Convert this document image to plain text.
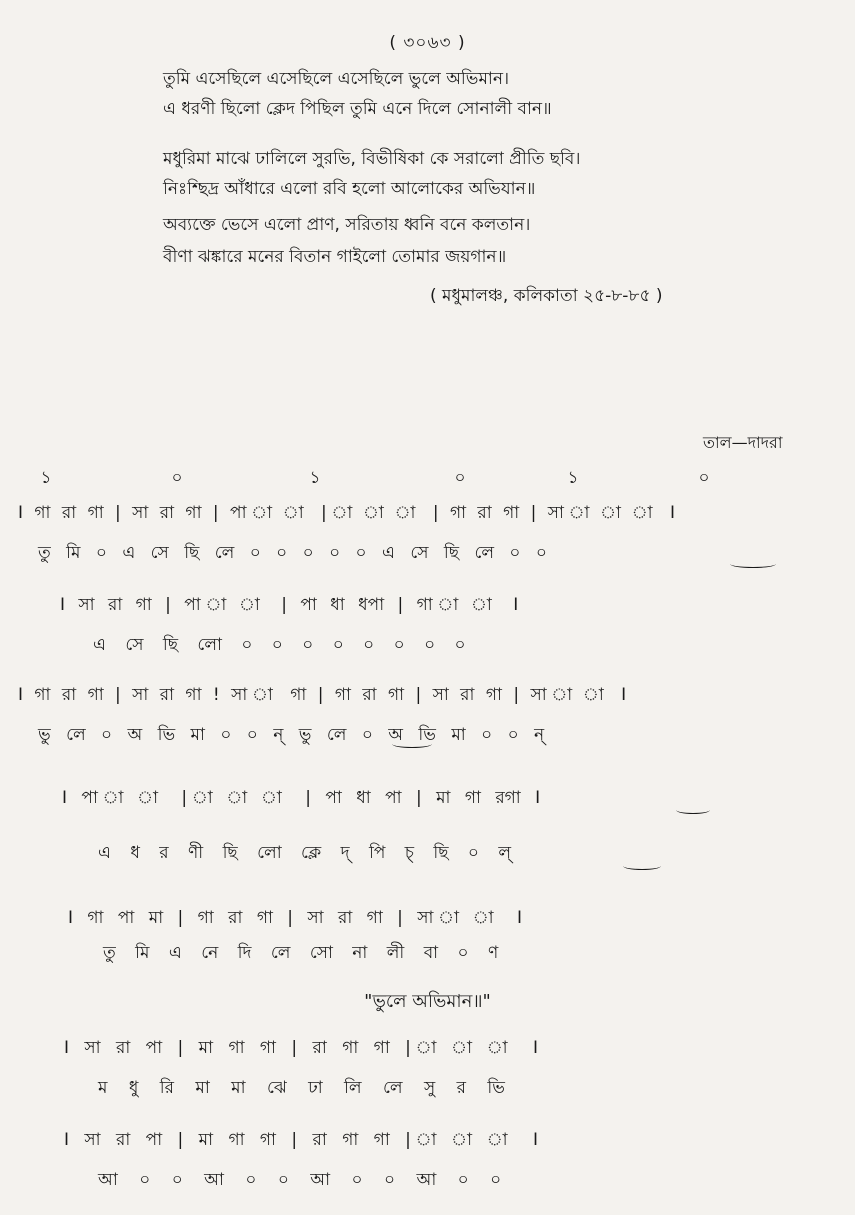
( ৩০৬৩ )
তুমি এসেছিলে এসেছিলে এসেছিলে ভুলে অভিমান।
এ ধরণী ছিলো ক্লেদ পিছিল তুমি এনে দিলে সোনালী বান॥
মধুরিমা মাঝে ঢালিলে সুরভি, বিভীষিকা কে সরালো প্রীতি ছবি।
নিঃশ্ছিদ্র আঁধারে এলো রবি হলো আলোকের অভিযান॥
অব্যক্তে ভেসে এলো প্রাণ, সরিতায় ধ্বনি বনে কলতান।
বীণা ঝঙ্কারে মনের বিতান গাইলো তোমার জয়গান॥
( মধুমালঞ্চ, কলিকাতা ২৫-৮-৮৫ )
তাল—দাদরা
১	০	১	০	১	০
I গা রা গা | সা রা গা | পা া া | া া া | গা রা গা | সা া া া I
তু মি ০ এ সে ছি লে ০ ০ ০ ০ ০ এ সে ছি লে ০ ০
I সা রা গা | পা া া | পা ধা ধপা | গা া া I
এ সে ছি লো ০ ০ ০ ০ ০ ০ ০ ০
I গা রা গা | সা রা গা ! সা া গা | গা রা গা | সা রা গা | সা া া I
ভু লে ০ অ ভি মা ০ ০ ন্ ভু লে ০ অ ভি মা ০ ০ ন্
I পা া া | া া া | পা ধা পা | মা গা রগা I
এ ধ র ণী ছি লো ক্লে দ্ পি চ্ ছি ০ ল্
I গা পা মা | গা রা গা | সা রা গা | সা া া I
তু মি এ নে দি লে সো না লী বা ০ ণ
"ভুলে অভিমান॥"
I সা রা পা | মা গা গা | রা গা গা | া া া I
ম ধু রি মা মা ঝে ঢা লি লে সু র ভি
I সা রা পা | মা গা গা | রা গা গা | া া া I
আ ০ ০ আ ০ ০ আ ০ ০ আ ০ ০
